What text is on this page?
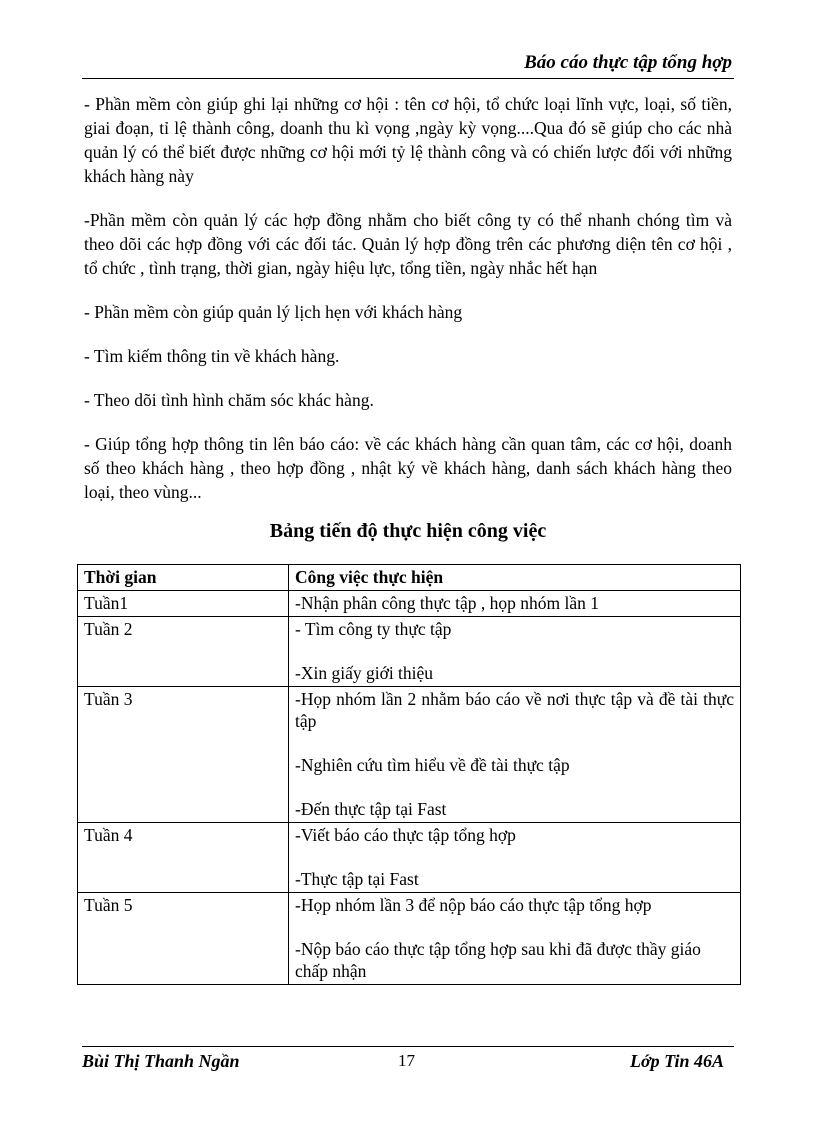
Báo cáo thực tập tổng hợp

- Phần mềm còn giúp ghi lại những cơ hội : tên cơ hội, tổ chức loại lĩnh vực, loại, số tiền, giai đoạn, tỉ lệ thành công, doanh thu kì vọng ,ngày kỳ vọng....Qua đó sẽ giúp cho các nhà quản lý có thể biết được những cơ hội mới tỷ lệ thành công và có chiến lược đối với những khách hàng này

-Phần mềm còn quản lý các hợp đồng nhằm cho biết công ty có thể nhanh chóng tìm và theo dõi các hợp đồng với các đối tác. Quản lý hợp đồng trên các phương diện tên cơ hội , tổ chức , tình trạng, thời gian, ngày hiệu lực, tổng tiền, ngày nhắc hết hạn

- Phần mềm còn giúp quản lý lịch hẹn với khách hàng

- Tìm kiếm thông tin về khách hàng.

- Theo dõi tình hình chăm sóc khác hàng.

- Giúp tổng hợp thông tin lên báo cáo: về các khách hàng cần quan tâm, các cơ hội, doanh số theo khách hàng , theo hợp đồng , nhật ký về khách hàng, danh sách khách hàng theo loại, theo vùng...

Bảng tiến độ thực hiện công việc
Thời gian	Công việc thực hiện
Tuần1	-Nhận phân công thực tập , họp nhóm lần 1

Tuần 2	- Tìm công ty thực tập

-Xin giấy giới thiệu

Tuần 3	-Họp nhóm lần 2 nhằm báo cáo về nơi thực tập và đề tài thực tập

-Nghiên cứu tìm hiểu về đề tài thực tập

-Đến thực tập tại Fast

Tuần 4	-Viết báo cáo thực tập tổng hợp

-Thực tập tại Fast

Tuần 5	-Họp nhóm lần 3 để nộp báo cáo thực tập tổng hợp

-Nộp báo cáo thực tập tổng hợp sau khi đã được thầy giáo chấp nhận

Bùi Thị Thanh Ngần	17	Lớp Tin 46A
